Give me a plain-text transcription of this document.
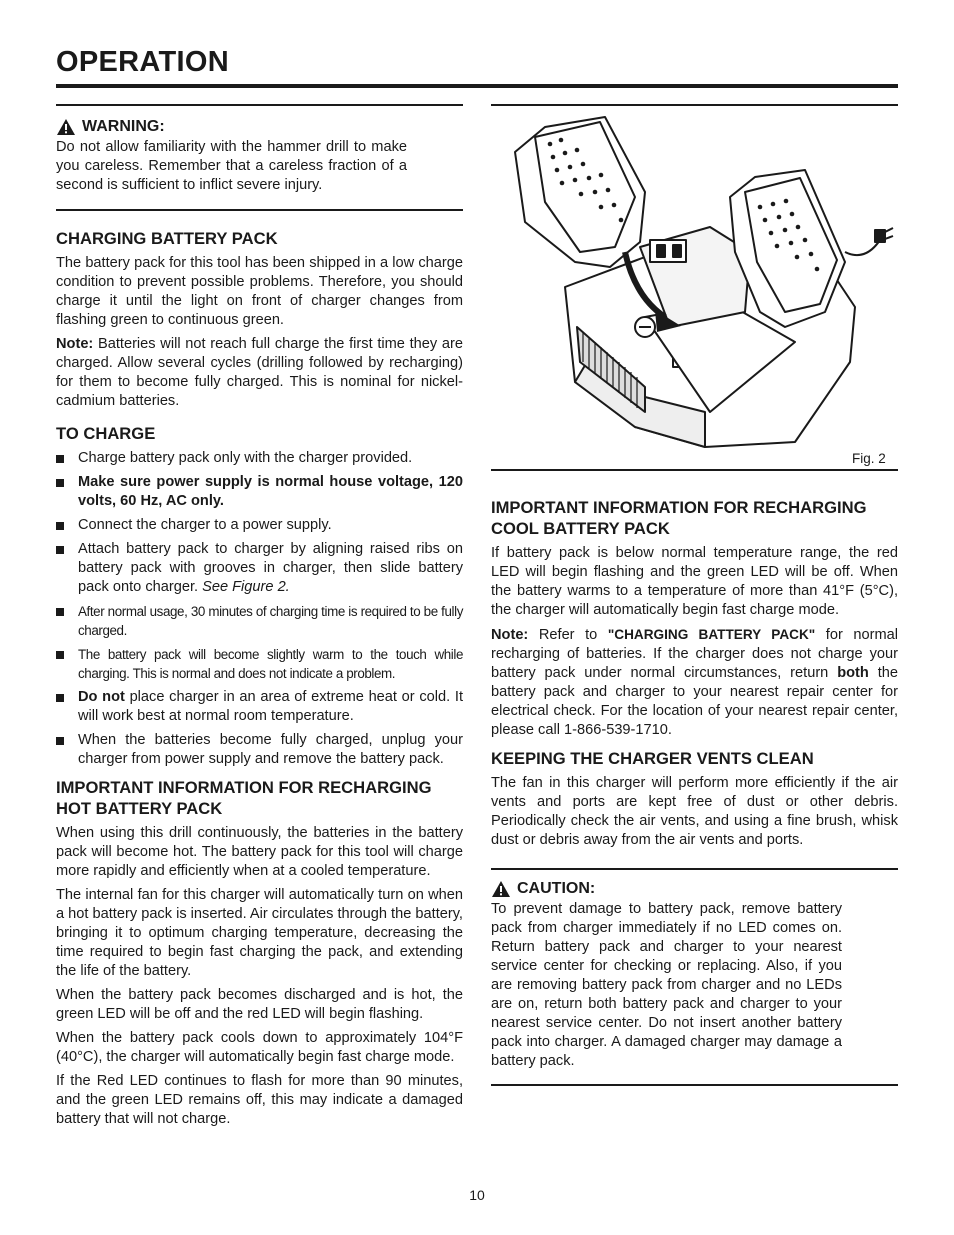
OPERATION
WARNING:

Do not allow familiarity with the hammer drill to make you careless. Remember that a careless fraction of a second is sufficient to inflict severe injury.

CHARGING BATTERY PACK

The battery pack for this tool has been shipped in a low charge condition to prevent possible problems. Therefore, you should charge it until the light on front of charger changes from flashing green to continuous green.

Note: Batteries will not reach full charge the first time they are charged. Allow several cycles (drilling followed by recharging) for them to become fully charged. This is nominal for nickel-cadmium batteries.

TO CHARGE
Charge battery pack only with the charger provided.
Make sure power supply is normal house voltage, 120 volts, 60 Hz, AC only.
Connect the charger to a power supply.
Attach battery pack to charger by aligning raised ribs on battery pack with grooves in charger, then slide battery pack onto charger. See Figure 2.
After normal usage, 30 minutes of charging time is required to be fully charged.
The battery pack will become slightly warm to the touch while charging. This is normal and does not indicate a problem.
Do not place charger in an area of extreme heat or cold. It will work best at normal room temperature.
When the batteries become fully charged, unplug your charger from power supply and remove the battery pack.
IMPORTANT INFORMATION FOR RECHARGING HOT BATTERY PACK

When using this drill continuously, the batteries in the battery pack will become hot. The battery pack for this tool will charge more rapidly and efficiently when at a cooled temperature.

The internal fan for this charger will automatically turn on when a hot battery pack is inserted. Air circulates through the battery, bringing it to optimum charging temperature, decreasing the time required to begin fast charging the pack, and extending the life of the battery.

When the battery pack becomes discharged and is hot, the green LED will be off and the red LED will begin flashing.

When the battery pack cools down to approximately 104°F (40°C), the charger will automatically begin fast charge mode.

If the Red LED continues to flash for more than 90 minutes, and the green LED remains off, this may indicate a damaged battery that will not charge.

Fig. 2
IMPORTANT INFORMATION FOR RECHARGING COOL BATTERY PACK

If battery pack is below normal temperature range, the red LED will begin flashing and the green LED will be off. When the battery warms to a temperature of more than 41°F (5°C), the charger will automatically begin fast charge mode.

Note: Refer to "CHARGING BATTERY PACK" for normal recharging of batteries. If the charger does not charge your battery pack under normal circumstances, return both the battery pack and charger to your nearest repair center for electrical check. For the location of your nearest repair center, please call 1-866-539-1710.

KEEPING THE CHARGER VENTS CLEAN

The fan in this charger will perform more efficiently if the air vents and ports are kept free of dust or other debris. Periodically check the air vents, and using a fine brush, whisk dust or debris away from the air vents and ports.

CAUTION:

To prevent damage to battery pack, remove battery pack from charger immediately if no LED comes on. Return battery pack and charger to your nearest service center for checking or replacing. Also, if you are removing battery pack from charger and no LEDs are on, return both battery pack and charger to your nearest service center. Do not insert another battery pack into charger. A damaged charger may damage a battery pack.

10
